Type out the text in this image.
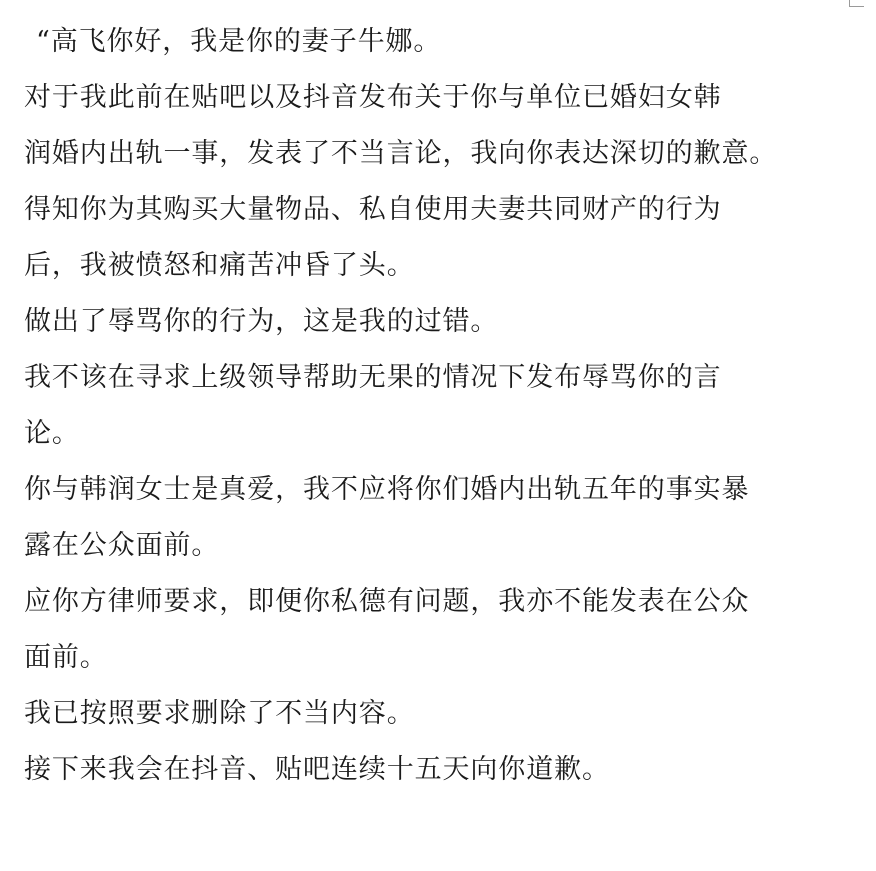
“高飞你好，我是你的妻子牛娜。
对于我此前在贴吧以及抖音发布关于你与单位已婚妇女韩
润婚内出轨一事，发表了不当言论，我向你表达深切的歉意。
得知你为其购买大量物品、私自使用夫妻共同财产的行为
后，我被愤怒和痛苦冲昏了头。
做出了辱骂你的行为，这是我的过错。
我不该在寻求上级领导帮助无果的情况下发布辱骂你的言
论。
你与韩润女士是真爱，我不应将你们婚内出轨五年的事实暴
露在公众面前。
应你方律师要求，即便你私德有问题，我亦不能发表在公众
面前。
我已按照要求删除了不当内容。
接下来我会在抖音、贴吧连续十五天向你道歉。
